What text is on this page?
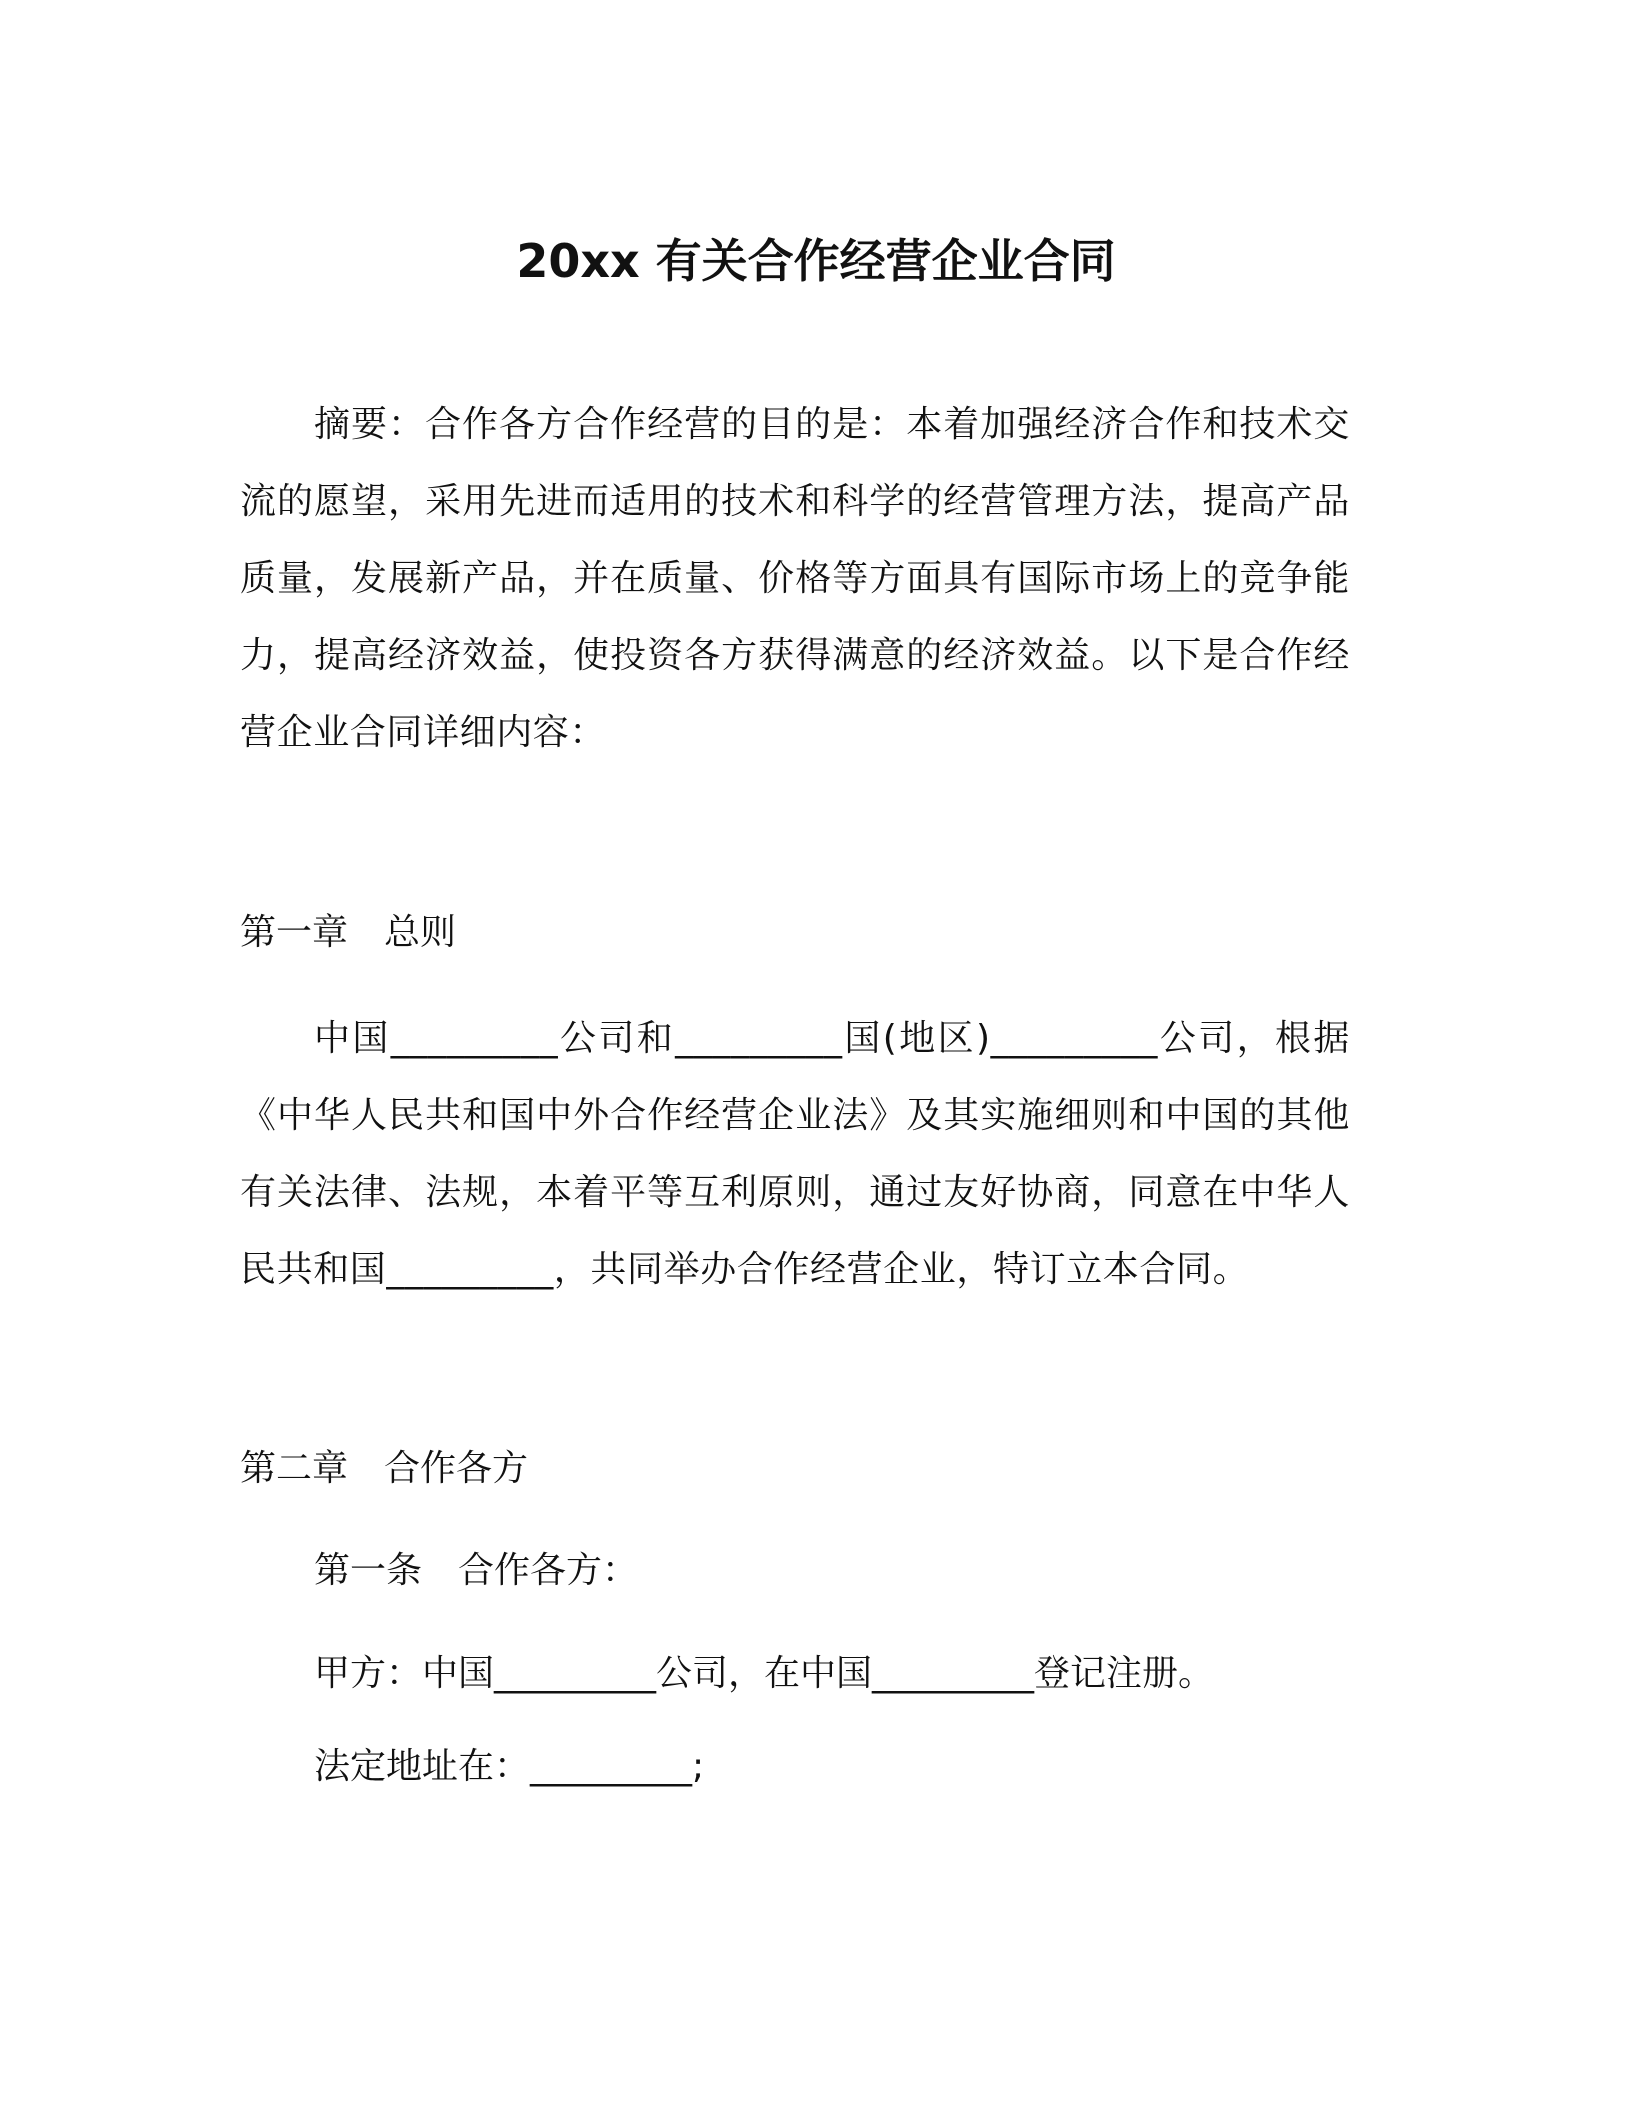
20xx 有关合作经营企业合同

摘要：合作各方合作经营的目的是：本着加强经济合作和技术交流的愿望，采用先进而适用的技术和科学的经营管理方法，提高产品质量，发展新产品，并在质量、价格等方面具有国际市场上的竞争能力，提高经济效益，使投资各方获得满意的经济效益。以下是合作经营企业合同详细内容：

第一章　总则

中国_________公司和_________国(地区)_________公司，根据《中华人民共和国中外合作经营企业法》及其实施细则和中国的其他有关法律、法规，本着平等互利原则，通过友好协商，同意在中华人民共和国_________，共同举办合作经营企业，特订立本合同。

第二章　合作各方

第一条　合作各方：

甲方：中国_________公司，在中国_________登记注册。

法定地址在：_________;
